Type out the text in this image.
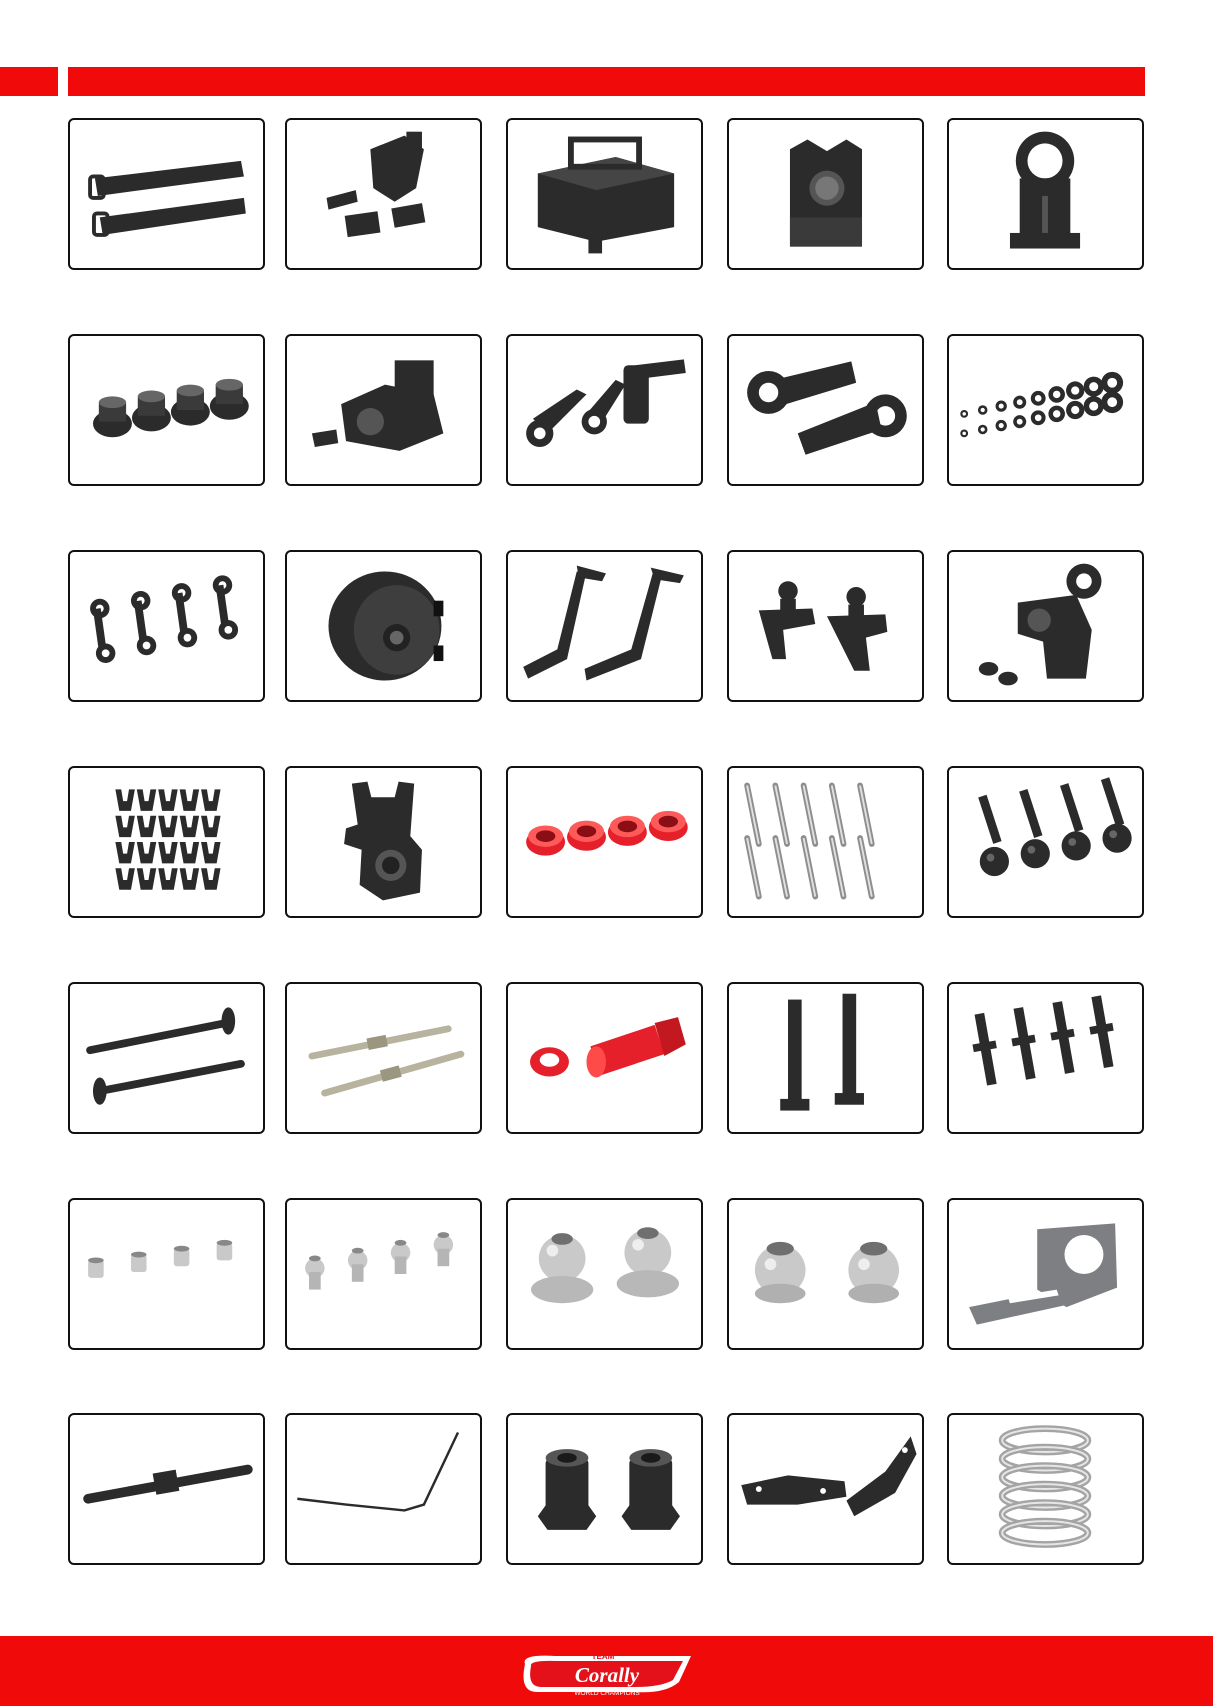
TEAM
Corally
WORLD CHAMPIONS
